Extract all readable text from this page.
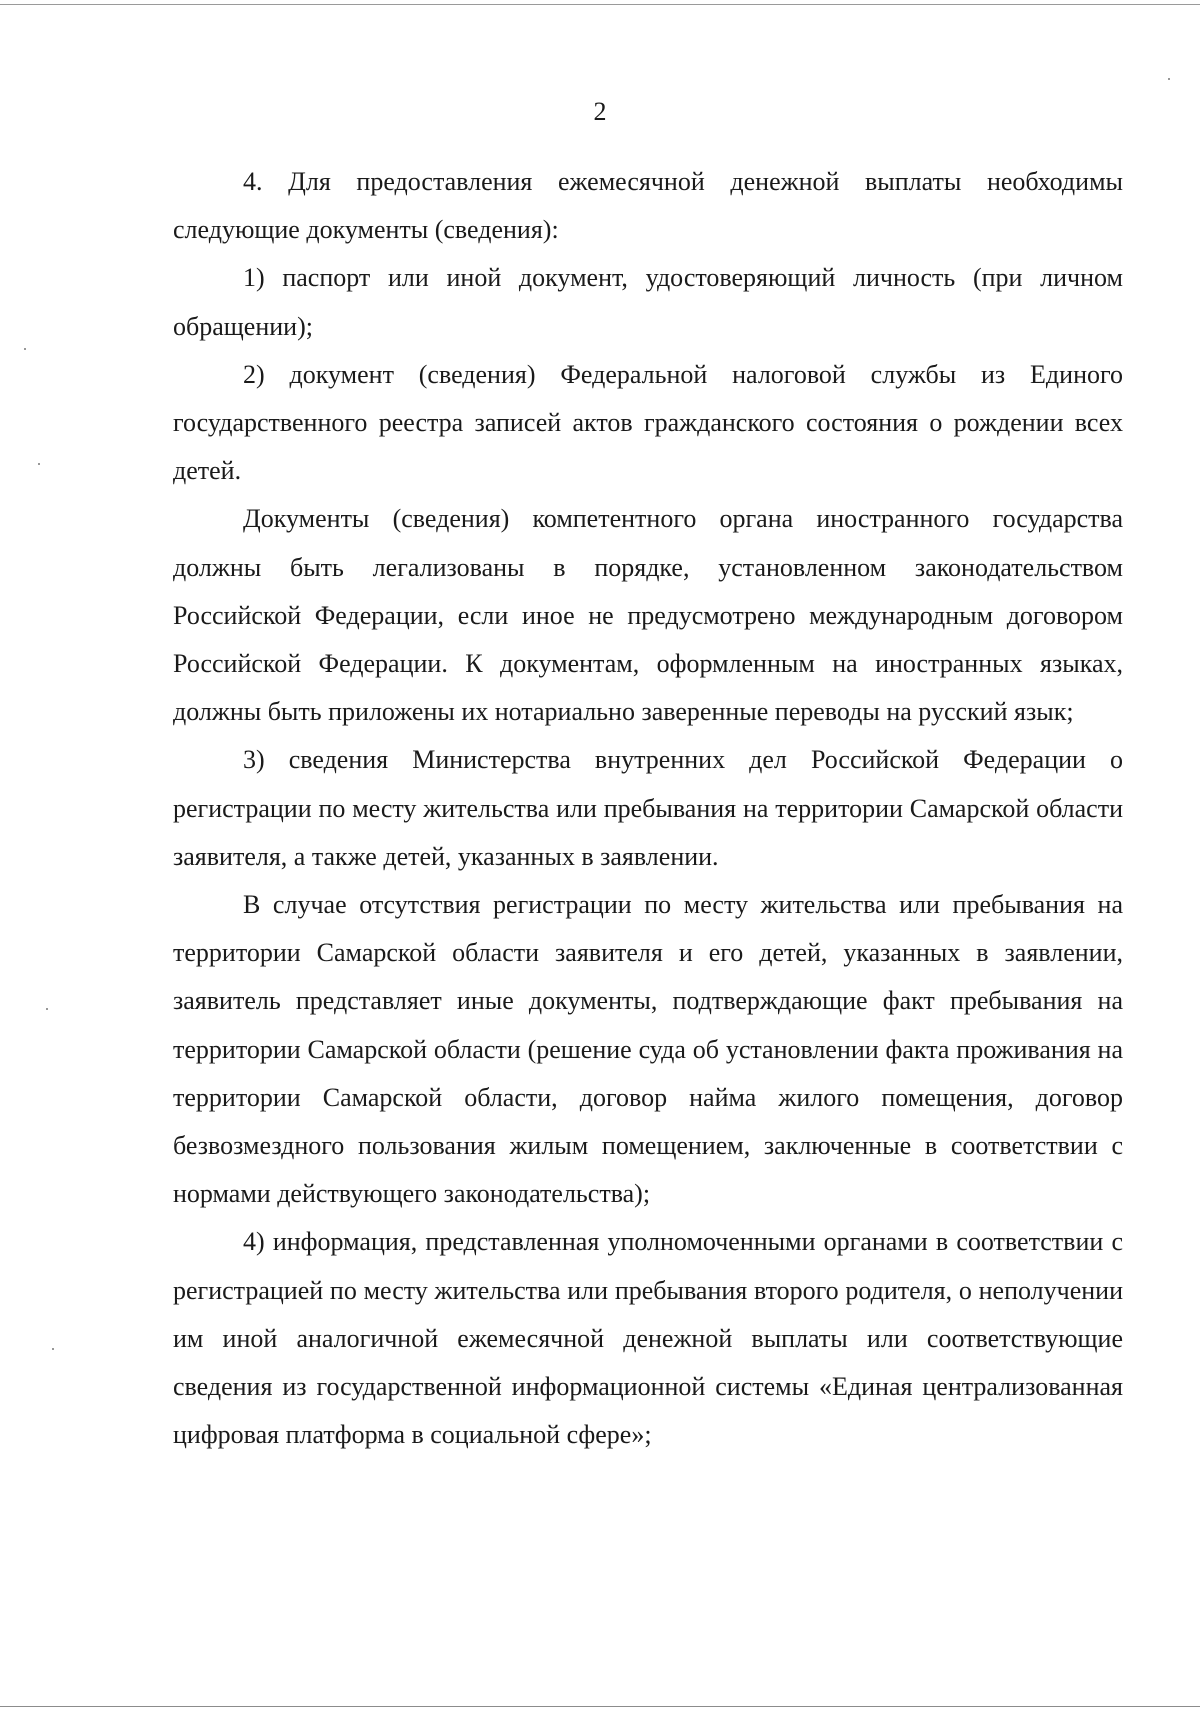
2

4. Для предоставления ежемесячной денежной выплаты необходимы следующие документы (сведения):

1) паспорт или иной документ, удостоверяющий личность (при личном обращении);

2) документ (сведения) Федеральной налоговой службы из Единого государственного реестра записей актов гражданского состояния о рождении всех детей.

Документы (сведения) компетентного органа иностранного государства должны быть легализованы в порядке, установленном законодательством Российской Федерации, если иное не предусмотрено международным договором Российской Федерации. К документам, оформленным на иностранных языках, должны быть приложены их нотариально заверенные переводы на русский язык;

3) сведения Министерства внутренних дел Российской Федерации о регистрации по месту жительства или пребывания на территории Самарской области заявителя, а также детей, указанных в заявлении.

В случае отсутствия регистрации по месту жительства или пребывания на территории Самарской области заявителя и его детей, указанных в заявлении, заявитель представляет иные документы, подтверждающие факт пребывания на территории Самарской области (решение суда об установлении факта проживания на территории Самарской области, договор найма жилого помещения, договор безвозмездного пользования жилым помещением, заключенные в соответствии с нормами действующего законодательства);

4) информация, представленная уполномоченными органами в соответствии с регистрацией по месту жительства или пребывания второго родителя, о неполучении им иной аналогичной ежемесячной денежной выплаты или соответствующие сведения из государственной информационной системы «Единая централизованная цифровая платформа в социальной сфере»;
